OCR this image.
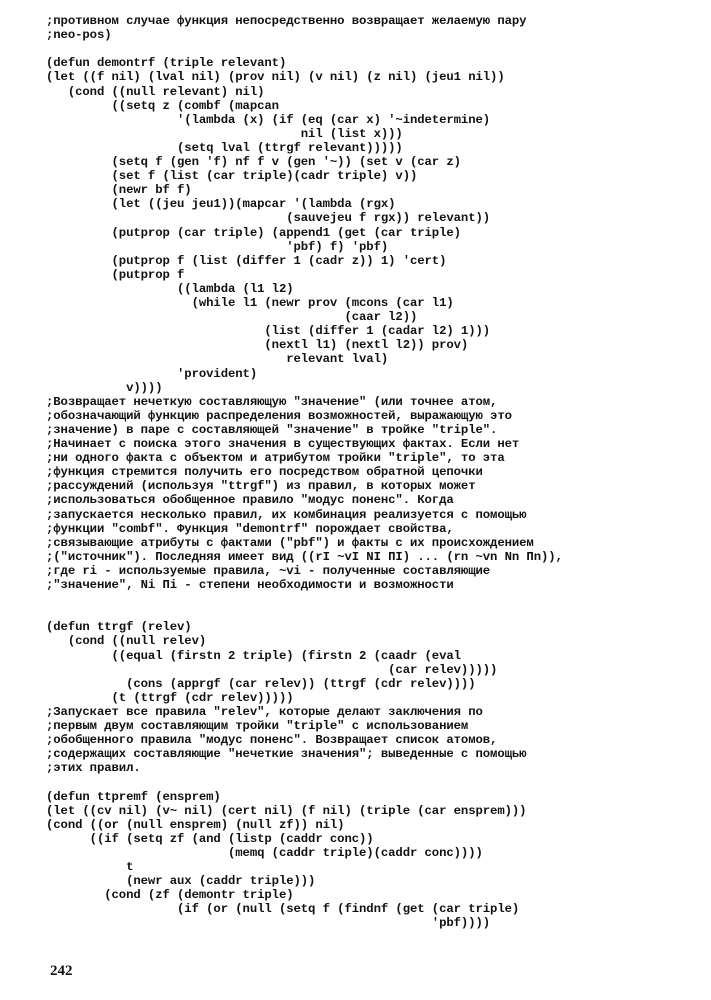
;противном случае функция непосредственно возвращает желаемую пару
;neo-pos)
(defun demontrf (triple relevant)
(let ((f nil) (lval nil) (prov nil) (v nil) (z nil) (jeu1 nil))
(cond ((null relevant) nil)
((setq z (combf (mapcan
'(lambda (x) (if (eq (car x) '~indetermine)
nil (list x)))
(setq lval (ttrgf relevant)))))
(setq f (gen 'f) nf f v (gen '~)) (set v (car z)
(set f (list (car triple)(cadr triple) v))
(newr bf f)
(let ((jeu jeu1))(mapcar '(lambda (rgx)
(sauvejeu f rgx)) relevant))
(putprop (car triple) (append1 (get (car triple)
'pbf) f) 'pbf)
(putprop f (list (differ 1 (cadr z)) 1) 'cert)
(putprop f
((lambda (l1 l2)
(while l1 (newr prov (mcons (car l1)
(caar l2))
(list (differ 1 (cadar l2) 1)))
(nextl l1) (nextl l2)) prov)
relevant lval)
'provident)
v))))
;Возвращает нечеткую составляющую "значение" (или точнее атом,
;обозначающий функцию распределения возможностей, выражающую это
;значение) в паре с составляющей "значение" в тройке "triple".
;Начинает с поиска этого значения в существующих фактах. Если нет
;ни одного факта с объектом и атрибутом тройки "triple", то эта
;функция стремится получить его посредством обратной цепочки
;рассуждений (используя "ttrgf") из правил, в которых может
;использоваться обобщенное правило "модус поненс". Когда
;запускается несколько правил, их комбинация реализуется с помощью
;функции "combf". Функция "demontrf" порождает свойства,
;связывающие атрибуты с фактами ("pbf") и факты с их происхождением
;("источник"). Последняя имеет вид ((rI ~vI NI ПI) ... (rn ~vn Nn Пn)),
;где ri - используемые правила, ~vi - полученные составляющие
;"значение", Ni Пi - степени необходимости и возможности
(defun ttrgf (relev)
(cond ((null relev)
((equal (firstn 2 triple) (firstn 2 (caadr (eval
(car relev)))))
(cons (apprgf (car relev)) (ttrgf (cdr relev))))
(t (ttrgf (cdr relev)))))
;Запускает все правила "relev", которые делают заключения по
;первым двум составляющим тройки "triple" с использованием
;обобщенного правила "модус поненс". Возвращает список атомов,
;содержащих составляющие "нечеткие значения"; выведенные с помощью
;этих правил.
(defun ttpremf (ensprem)
(let ((cv nil) (v~ nil) (cert nil) (f nil) (triple (car ensprem)))
(cond ((or (null ensprem) (null zf)) nil)
((if (setq zf (and (listp (caddr conc))
(memq (caddr triple)(caddr conc))))
t
(newr aux (caddr triple)))
(cond (zf (demontr triple)
(if (or (null (setq f (findnf (get (car triple)
'pbf))))
242
